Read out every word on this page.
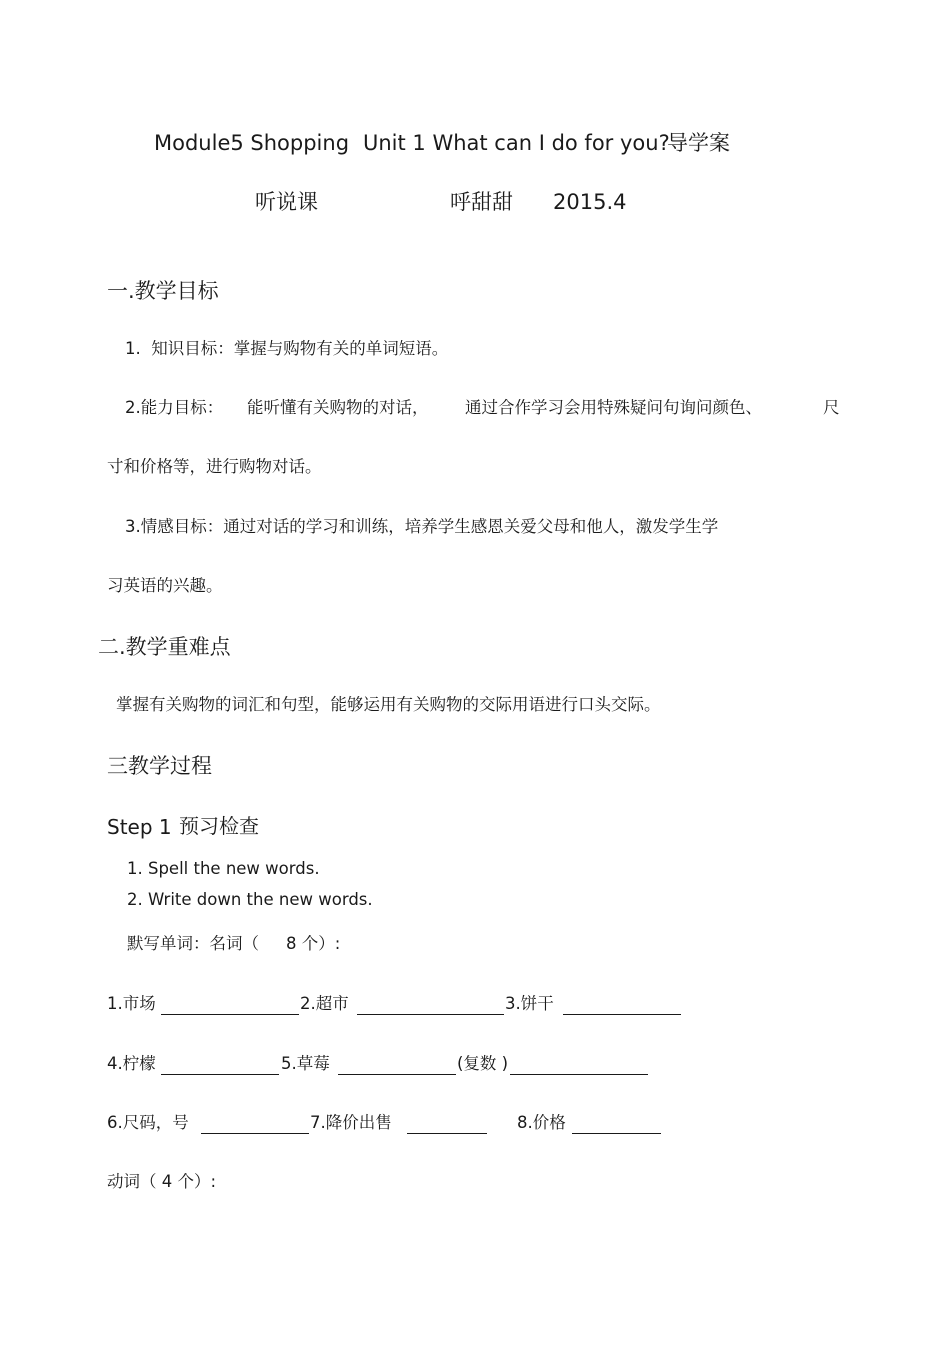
Module5 Shopping Unit 1 What can I do for you?
导学案
听说课	呼甜甜 2015.4
一.教学目标
1.  知识目标：掌握与购物有关的单词短语。
2.能力目标： 能听懂有关购物的对话， 通过合作学习会用特殊疑问句询问颜色、	尺
寸和价格等，进行购物对话。
3.情感目标：通过对话的学习和训练，培养学生感恩关爱父母和他人，激发学生学
习英语的兴趣。
二.教学重难点
掌握有关购物的词汇和句型，能够运用有关购物的交际用语进行口头交际。
三教学过程
Step 1 预习检查
1. Spell the new words.
2. Write down the new words.
默写单词：名词（ 8 个）:
1.市场	2.超市	3.饼干
4.柠檬	5.草莓	(复数 )
6.尺码，号	7.降价出售	8.价格
动词（ 4 个）:
